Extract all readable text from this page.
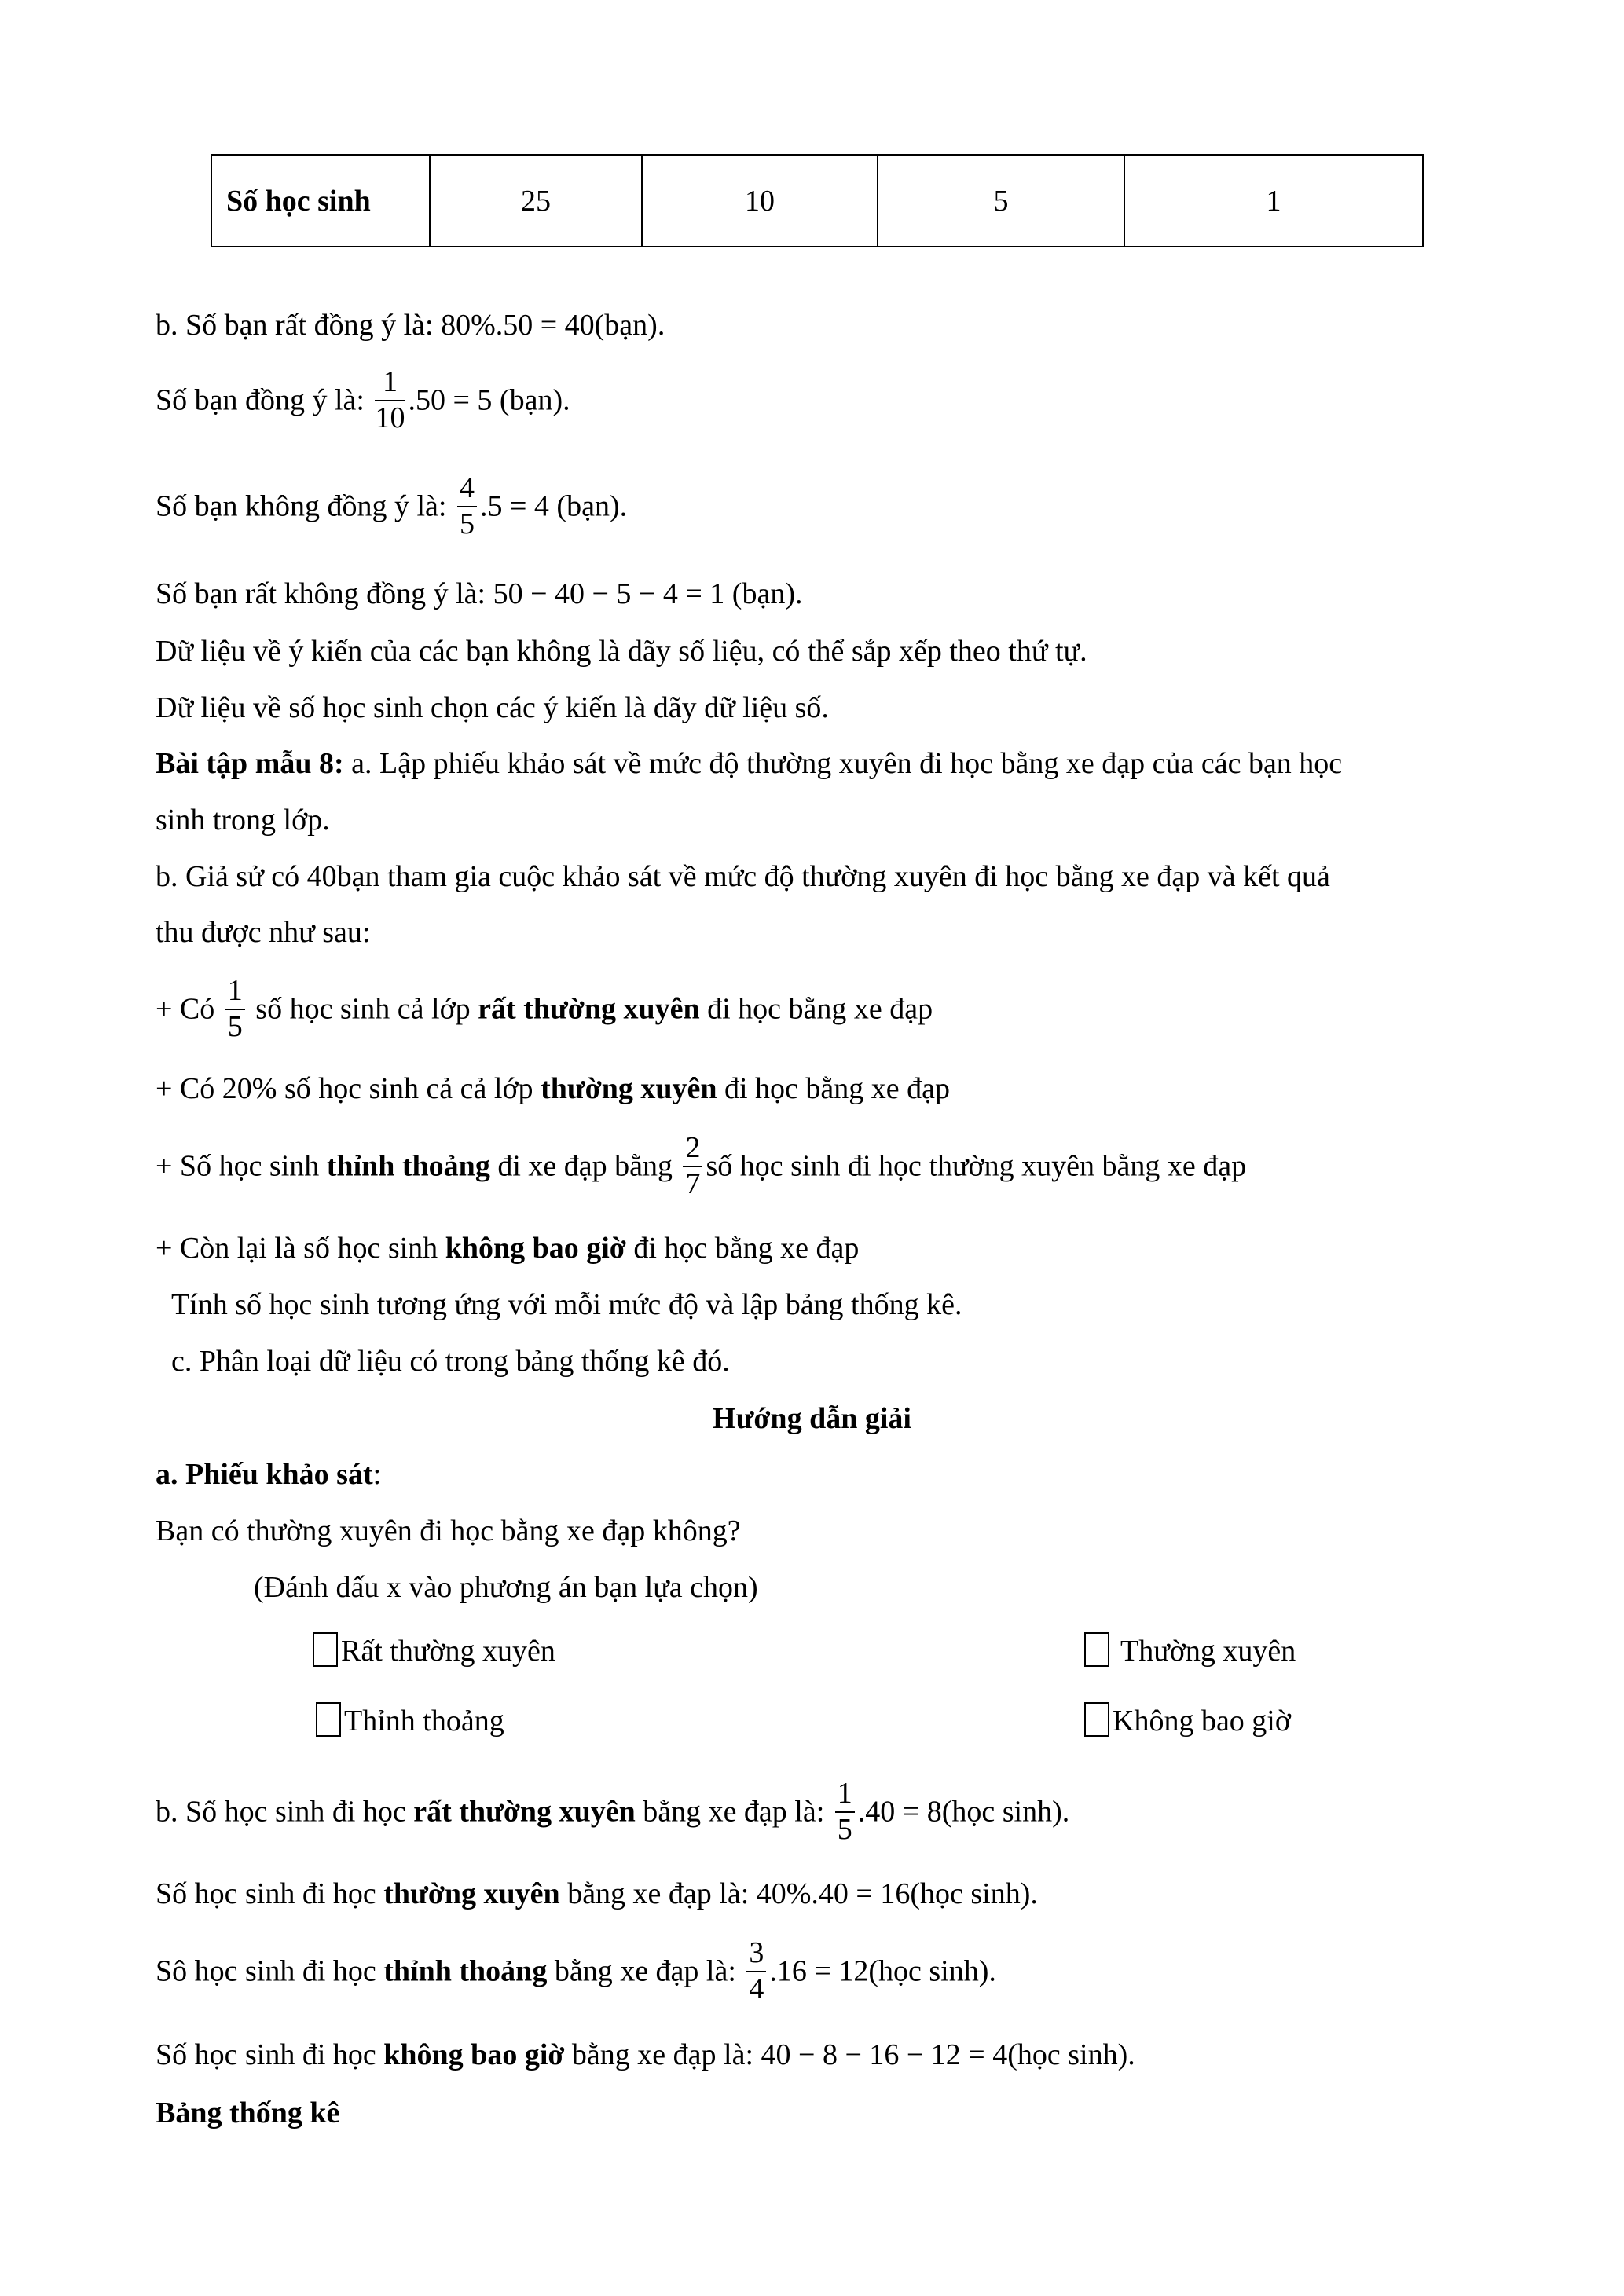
Số học sinh	25	10	5	1
b. Số bạn rất đồng ý là: 80%.50 = 40(bạn).
Số bạn đồng ý là: $\frac{1}{10} .50 = 5$ (bạn).
Số bạn không đồng ý là: $\frac{4}{5} .5 = 4$ (bạn).
Số bạn rất không đồng ý là: 50 − 40 − 5 − 4 = 1 (bạn).
Dữ liệu về ý kiến của các bạn không là dãy số liệu, có thể sắp xếp theo thứ tự.
Dữ liệu về số học sinh chọn các ý kiến là dãy dữ liệu số.
Bài tập mẫu 8: a. Lập phiếu khảo sát về mức độ thường xuyên đi học bằng xe đạp của các bạn học
sinh trong lớp.
b. Giả sử có 40bạn tham gia cuộc khảo sát về mức độ thường xuyên đi học bằng xe đạp và kết quả
thu được như sau:
+ Có $\frac{1}{5}$ số học sinh cả lớp rất thường xuyên đi học bằng xe đạp
+ Có 20% số học sinh cả cả lớp thường xuyên đi học bằng xe đạp
+ Số học sinh thỉnh thoảng đi xe đạp bằng $\frac{2}{7}$ số học sinh đi học thường xuyên bằng xe đạp
+ Còn lại là số học sinh không bao giờ đi học bằng xe đạp
Tính số học sinh tương ứng với mỗi mức độ và lập bảng thống kê.
c. Phân loại dữ liệu có trong bảng thống kê đó.
Hướng dẫn giải
a. Phiếu khảo sát:
Bạn có thường xuyên đi học bằng xe đạp không?
(Đánh dấu x vào phương án bạn lựa chọn)
Rất thường xuyên	Thường xuyên
Thỉnh thoảng	Không bao giờ
b. Số học sinh đi học rất thường xuyên bằng xe đạp là: $\frac{1}{5} .40$ = 8(học sinh).
Số học sinh đi học thường xuyên bằng xe đạp là: 40%.40 = 16(học sinh).
Sô học sinh đi học thỉnh thoảng bằng xe đạp là: $\frac{3}{4} .16$ = 12(học sinh).
Số học sinh đi học không bao giờ bằng xe đạp là: 40 − 8 − 16 − 12 = 4(học sinh).
Bảng thống kê
